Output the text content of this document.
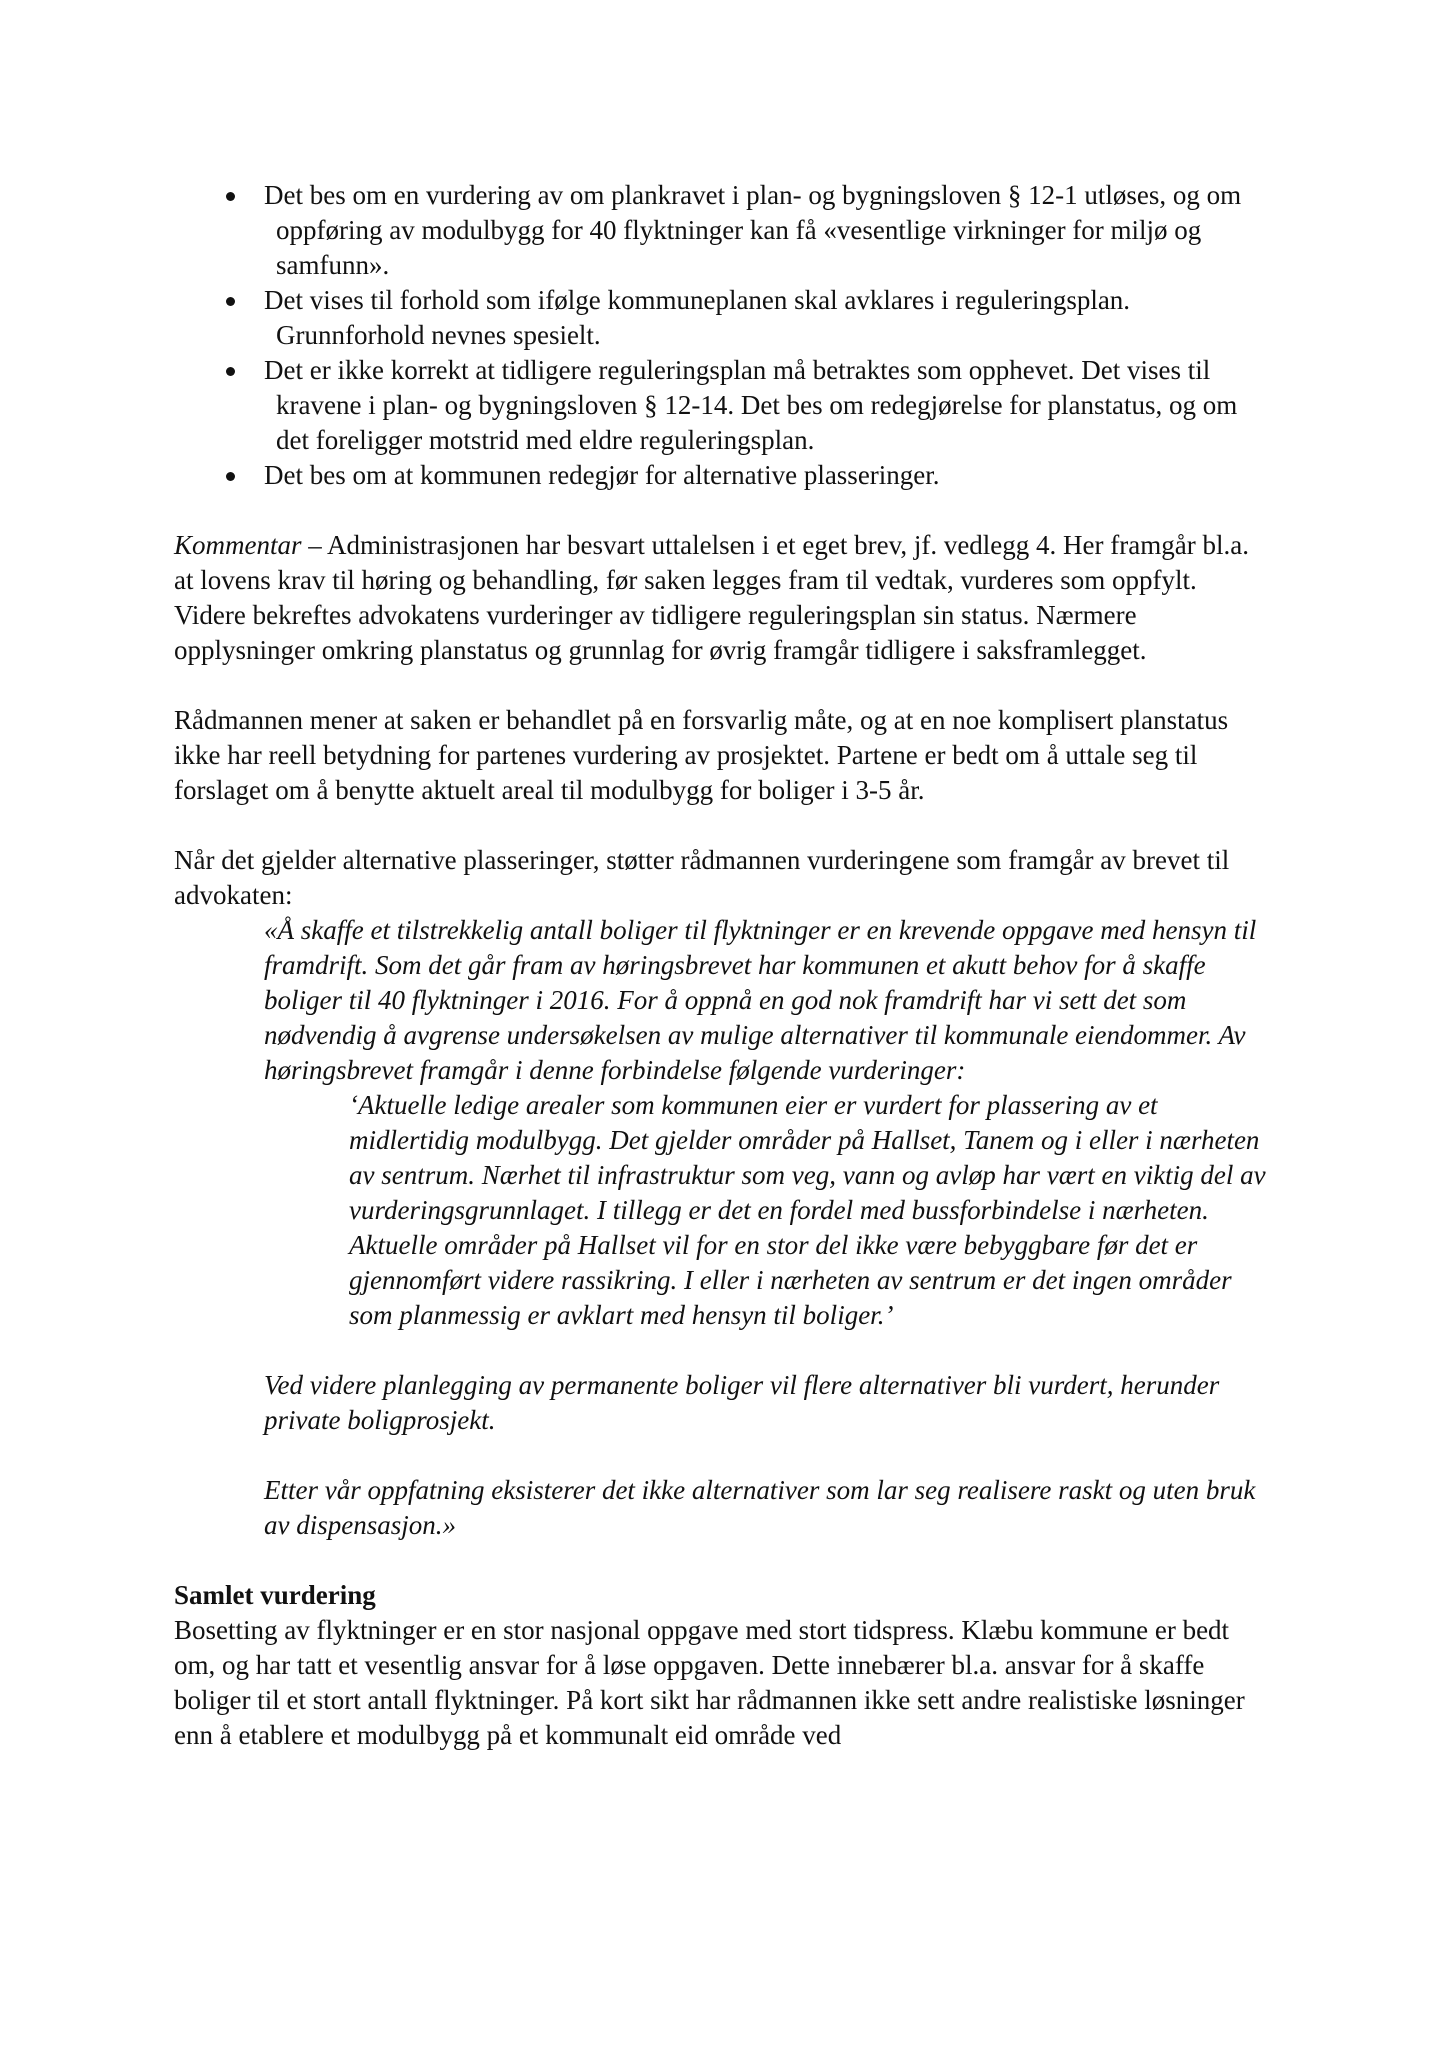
Det bes om en vurdering av om plankravet i plan- og bygningsloven § 12-1 utløses, og om oppføring av modulbygg for 40 flyktninger kan få «vesentlige virkninger for miljø og samfunn».
Det vises til forhold som ifølge kommuneplanen skal avklares i reguleringsplan. Grunnforhold nevnes spesielt.
Det er ikke korrekt at tidligere reguleringsplan må betraktes som opphevet. Det vises til kravene i plan- og bygningsloven § 12-14. Det bes om redegjørelse for planstatus, og om det foreligger motstrid med eldre reguleringsplan.
Det bes om at kommunen redegjør for alternative plasseringer.

Kommentar – Administrasjonen har besvart uttalelsen i et eget brev, jf. vedlegg 4. Her framgår bl.a. at lovens krav til høring og behandling, før saken legges fram til vedtak, vurderes som oppfylt. Videre bekreftes advokatens vurderinger av tidligere reguleringsplan sin status. Nærmere opplysninger omkring planstatus og grunnlag for øvrig framgår tidligere i saksframlegget.

Rådmannen mener at saken er behandlet på en forsvarlig måte, og at en noe komplisert planstatus ikke har reell betydning for partenes vurdering av prosjektet. Partene er bedt om å uttale seg til forslaget om å benytte aktuelt areal til modulbygg for boliger i 3-5 år.

Når det gjelder alternative plasseringer, støtter rådmannen vurderingene som framgår av brevet til advokaten:

«Å skaffe et tilstrekkelig antall boliger til flyktninger er en krevende oppgave med hensyn til framdrift. Som det går fram av høringsbrevet har kommunen et akutt behov for å skaffe boliger til 40 flyktninger i 2016. For å oppnå en god nok framdrift har vi sett det som nødvendig å avgrense undersøkelsen av mulige alternativer til kommunale eiendommer. Av høringsbrevet framgår i denne forbindelse følgende vurderinger:

‘Aktuelle ledige arealer som kommunen eier er vurdert for plassering av et midlertidig modulbygg. Det gjelder områder på Hallset, Tanem og i eller i nærheten av sentrum. Nærhet til infrastruktur som veg, vann og avløp har vært en viktig del av vurderingsgrunnlaget. I tillegg er det en fordel med bussforbindelse i nærheten. Aktuelle områder på Hallset vil for en stor del ikke være bebyggbare før det er gjennomført videre rassikring. I eller i nærheten av sentrum er det ingen områder som planmessig er avklart med hensyn til boliger.’

Ved videre planlegging av permanente boliger vil flere alternativer bli vurdert, herunder private boligprosjekt.

Etter vår oppfatning eksisterer det ikke alternativer som lar seg realisere raskt og uten bruk av dispensasjon.»

Samlet vurdering

Bosetting av flyktninger er en stor nasjonal oppgave med stort tidspress. Klæbu kommune er bedt om, og har tatt et vesentlig ansvar for å løse oppgaven. Dette innebærer bl.a. ansvar for å skaffe boliger til et stort antall flyktninger. På kort sikt har rådmannen ikke sett andre realistiske løsninger enn å etablere et modulbygg på et kommunalt eid område ved
